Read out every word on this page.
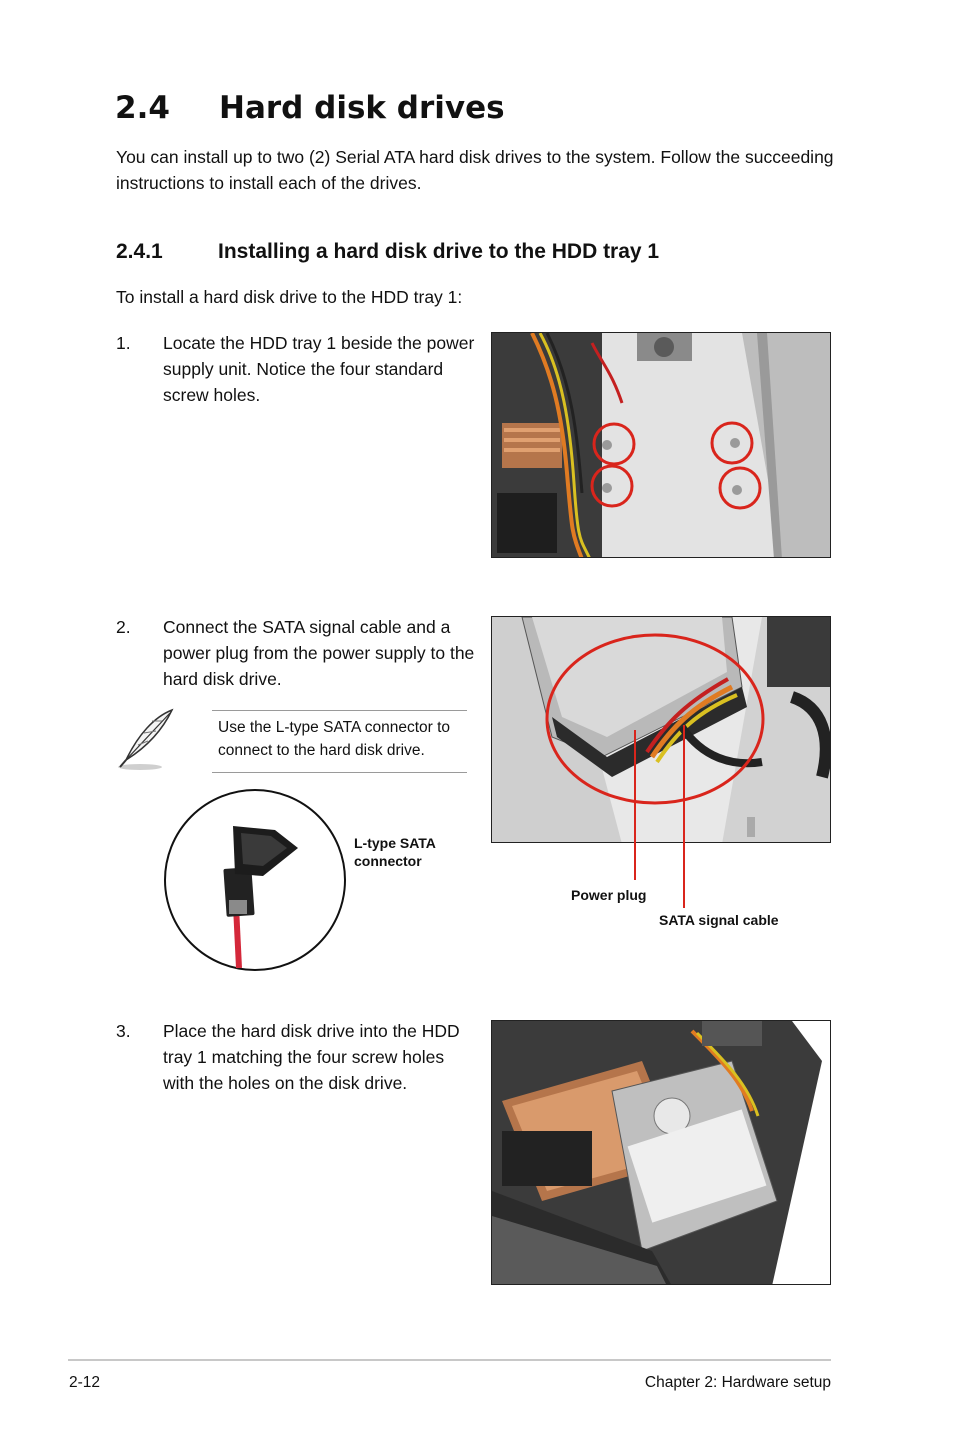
2.4 Hard disk drives

You can install up to two (2) Serial ATA hard disk drives to the system. Follow the succeeding instructions to install each of the drives.

2.4.1	Installing a hard disk drive to the HDD tray 1

To install a hard disk drive to the HDD tray 1:

1. Locate the HDD tray 1 beside the power supply unit. Notice the four standard screw holes.
2. Connect the SATA signal cable and a power plug from the power supply to the hard disk drive.

Use the L-type SATA connector to connect to the hard disk drive.

Power plug

SATA signal cable

L-type SATA connector

3. Place the hard disk drive into the HDD tray 1 matching the four screw holes with the holes on the disk drive.

2-12	Chapter 2: Hardware setup
